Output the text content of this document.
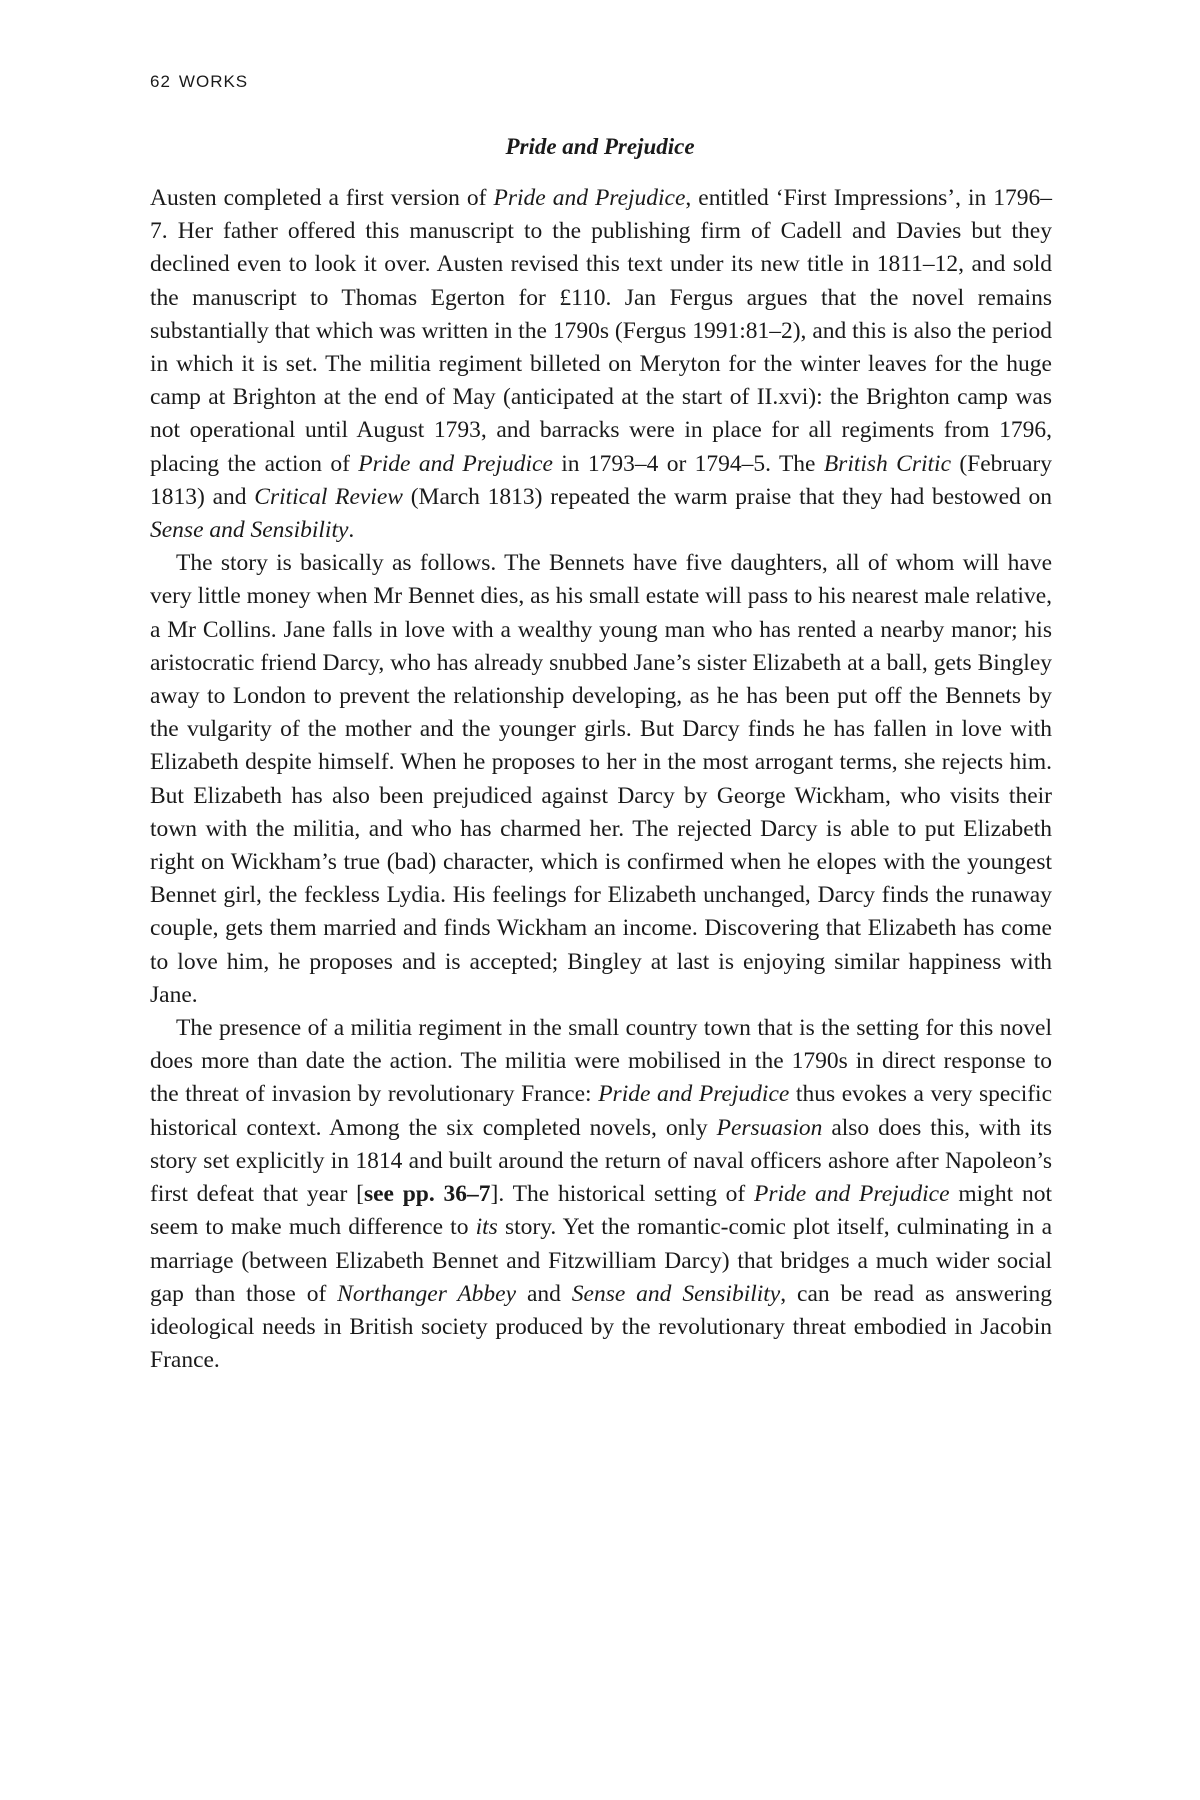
62 WORKS
Pride and Prejudice

Austen completed a first version of Pride and Prejudice, entitled ‘First Impressions’, in 1796–7. Her father offered this manuscript to the publishing firm of Cadell and Davies but they declined even to look it over. Austen revised this text under its new title in 1811–12, and sold the manuscript to Thomas Egerton for £110. Jan Fergus argues that the novel remains substantially that which was written in the 1790s (Fergus 1991:81–2), and this is also the period in which it is set. The militia regiment billeted on Meryton for the winter leaves for the huge camp at Brighton at the end of May (anticipated at the start of II.xvi): the Brighton camp was not operational until August 1793, and barracks were in place for all regiments from 1796, placing the action of Pride and Prejudice in 1793–4 or 1794–5. The British Critic (February 1813) and Critical Review (March 1813) repeated the warm praise that they had bestowed on Sense and Sensibility.

The story is basically as follows. The Bennets have five daughters, all of whom will have very little money when Mr Bennet dies, as his small estate will pass to his nearest male relative, a Mr Collins. Jane falls in love with a wealthy young man who has rented a nearby manor; his aristocratic friend Darcy, who has already snubbed Jane’s sister Elizabeth at a ball, gets Bingley away to London to prevent the relationship developing, as he has been put off the Bennets by the vulgarity of the mother and the younger girls. But Darcy finds he has fallen in love with Elizabeth despite himself. When he proposes to her in the most arrogant terms, she rejects him. But Elizabeth has also been prejudiced against Darcy by George Wickham, who visits their town with the militia, and who has charmed her. The rejected Darcy is able to put Elizabeth right on Wickham’s true (bad) character, which is confirmed when he elopes with the youngest Bennet girl, the feckless Lydia. His feelings for Elizabeth unchanged, Darcy finds the runaway couple, gets them married and finds Wickham an income. Discovering that Elizabeth has come to love him, he proposes and is accepted; Bingley at last is enjoying similar happiness with Jane.

The presence of a militia regiment in the small country town that is the setting for this novel does more than date the action. The militia were mobilised in the 1790s in direct response to the threat of invasion by revolutionary France: Pride and Prejudice thus evokes a very specific historical context. Among the six completed novels, only Persuasion also does this, with its story set explicitly in 1814 and built around the return of naval officers ashore after Napoleon’s first defeat that year [see pp. 36–7]. The historical setting of Pride and Prejudice might not seem to make much difference to its story. Yet the romantic-comic plot itself, culminating in a marriage (between Elizabeth Bennet and Fitzwilliam Darcy) that bridges a much wider social gap than those of Northanger Abbey and Sense and Sensibility, can be read as answering ideological needs in British society produced by the revolutionary threat embodied in Jacobin France.
